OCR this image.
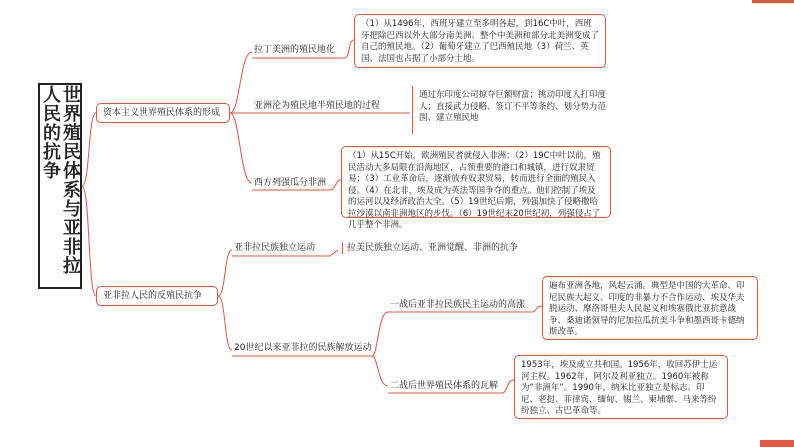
世界殖民体系与亚非拉人民的抗争	资本主义世界殖民体系的形成
亚非拉人民的反殖民抗争
拉丁美洲的殖民地化
（1）从1496年，西班牙建立至多明各起，到16C中叶，西班牙把除巴西以外大部分南美洲、整个中美洲和部分北美洲变成了自己的殖民地。（2）葡萄牙建立了巴西殖民地（3）荷兰、英国、法国也占据了小部分土地。
亚洲沦为殖民地半殖民地的过程
通过东印度公司掠夺巨额财富；挑动印度人打印度人；直接武力侵略、签订不平等条约、划分势力范围、建立殖民地
西方列强瓜分非洲
（1）从15C开始，欧洲殖民者就侵入非洲；（2）19C中叶以前，殖民活动大多局限在沿海地区，占领重要的港口和城镇，进行奴隶贸易；（3）工业革命后，逐渐放弃奴隶贸易，转而进行全面的殖民入侵。（4）在北非，埃及成为英法等国争夺的重点。他们控制了埃及的运河以及经济政治大全。（5）19世纪后期，列强加快了侵略撒哈拉沙漠以南非洲地区的步伐。（6）19世纪末20世纪初，列强侵占了几乎整个非洲。
亚非拉民族独立运动	拉美民族独立运动、亚洲觉醒、非洲的抗争
20世纪以来亚非拉的民族解放运动
一战后亚非拉民族民主运动的高涨
遍布亚洲各地，风起云涌。典型是中国的大革命、印尼民族大起义、印度的非暴力不合作运动、埃及华夫脱运动、摩洛哥里夫人民起义和埃塞俄比亚抗意战争、桑迪诺领导的尼加拉瓜抗美斗争和墨西哥卡德纳斯改革。
二战后世界殖民体系的瓦解
1953年，埃及成立共和国。1956年，收回苏伊士运河主权。1962年，阿尔及利亚独立。1960年被称为“非洲年”。1990年，纳米比亚独立是标志、印尼、老挝、菲律宾、缅甸、锡兰、柬埔寨、马来等纷纷独立、古巴革命等。
